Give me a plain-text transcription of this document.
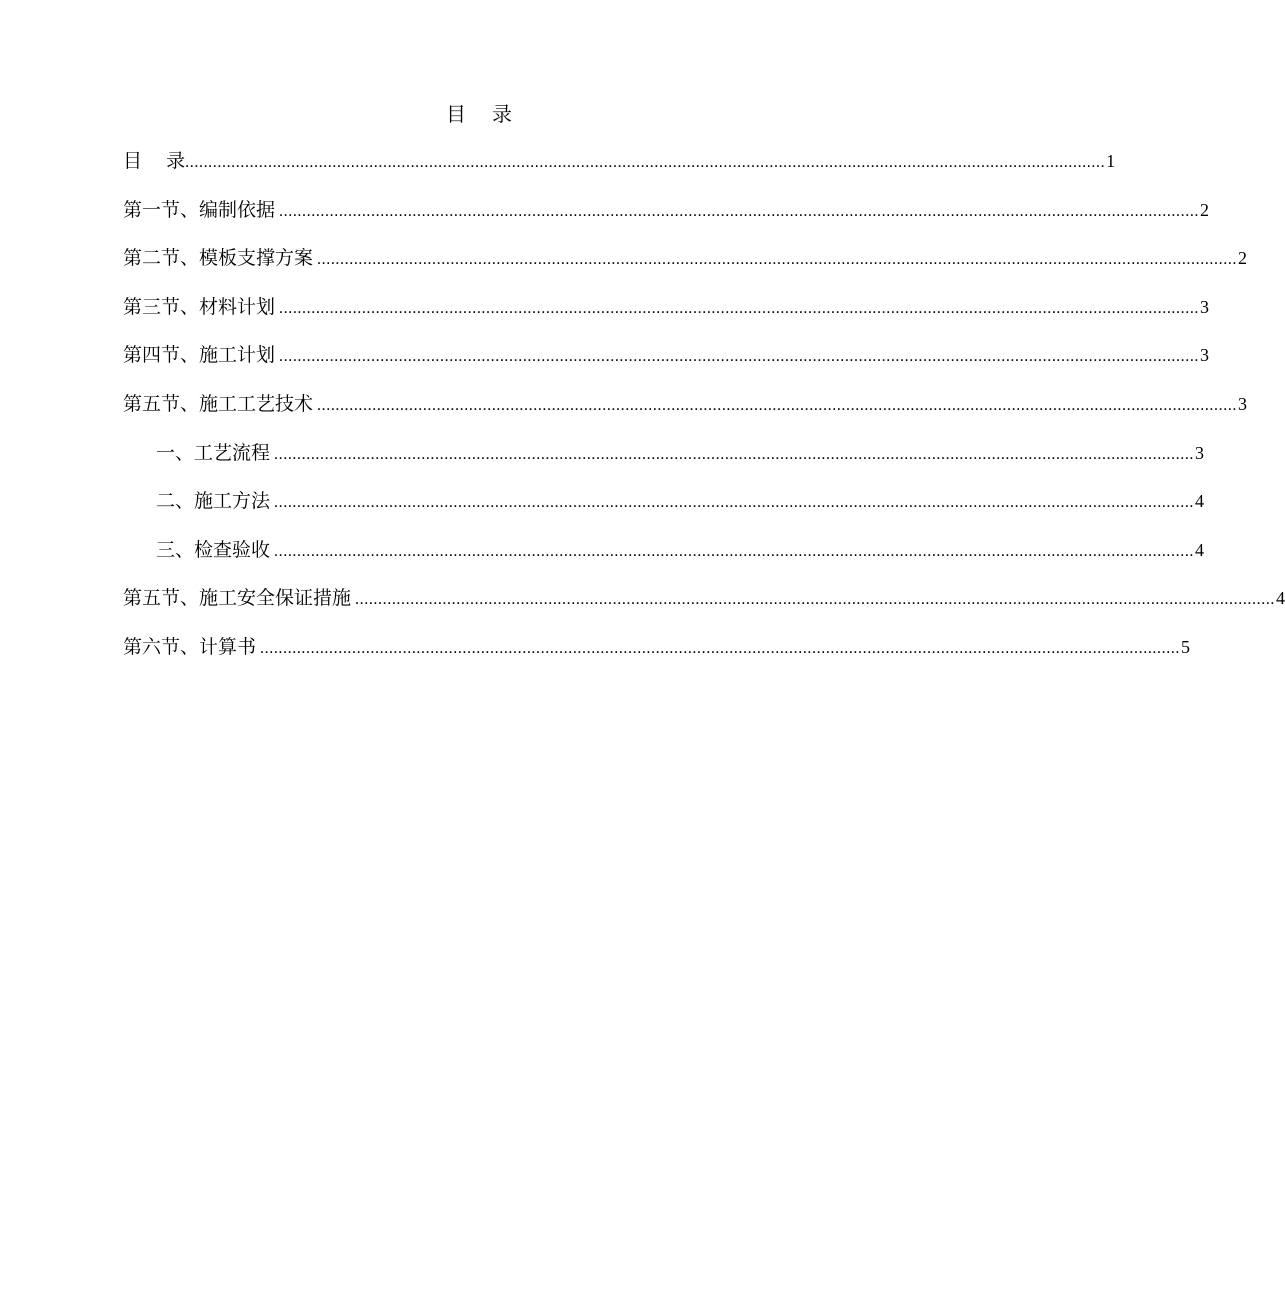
目 录
目    录 ........................................................................................................................................................................................................ 1
第一节、编制依据 ........................................................................................................................................................................................................ 2
第二节、模板支撑方案 ........................................................................................................................................................................................................ 2
第三节、材料计划 ........................................................................................................................................................................................................ 3
第四节、施工计划 ........................................................................................................................................................................................................ 3
第五节、施工工艺技术 ........................................................................................................................................................................................................ 3
一、工艺流程 ........................................................................................................................................................................................................ 3
二、施工方法 ........................................................................................................................................................................................................ 4
三、检查验收 ........................................................................................................................................................................................................ 4
第五节、施工安全保证措施 ........................................................................................................................................................................................................ 4
第六节、计算书 ........................................................................................................................................................................................................ 5
